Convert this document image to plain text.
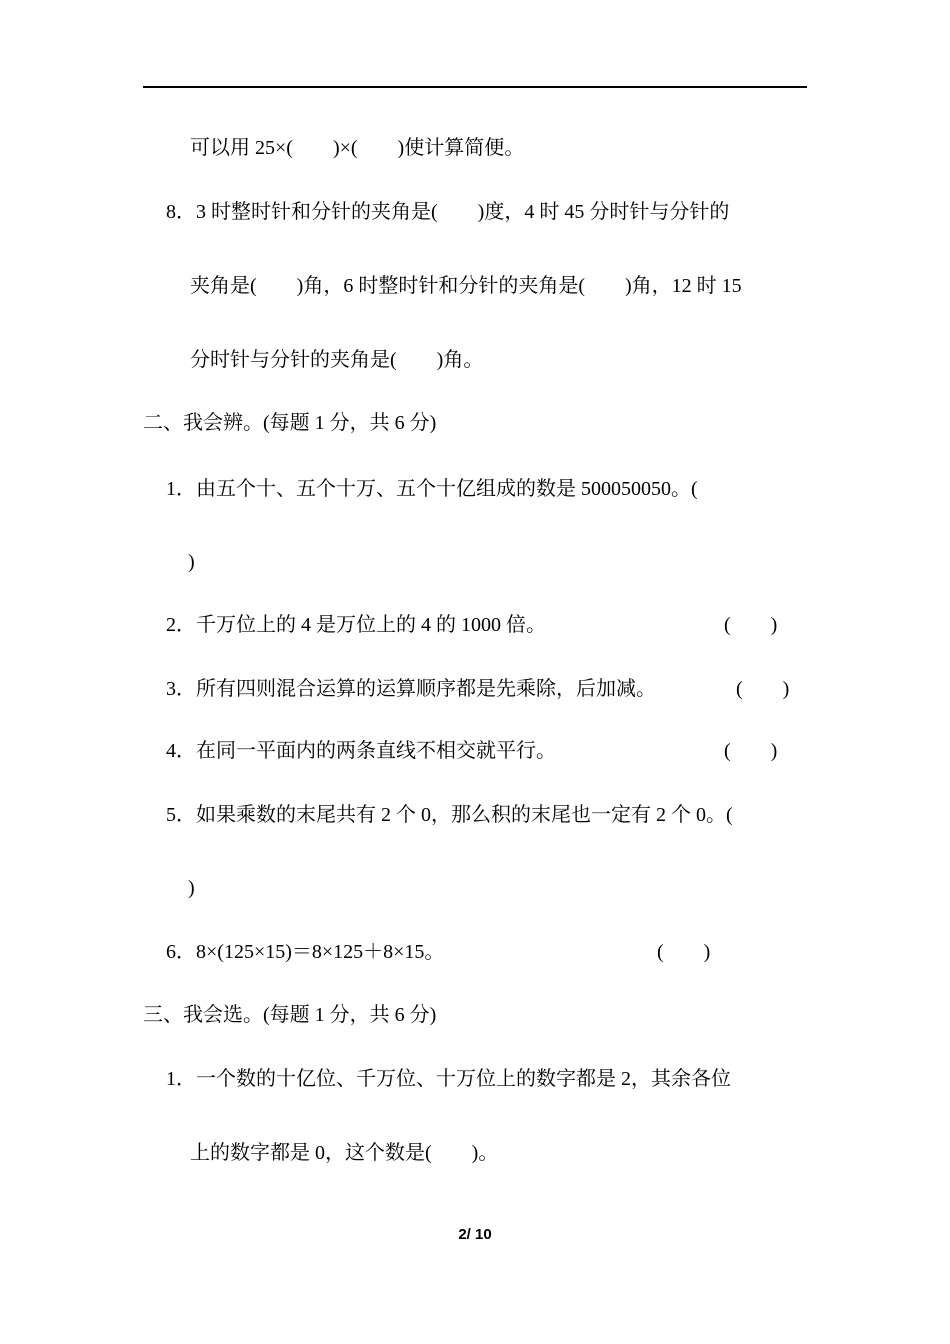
可以用 25×(　　)×(　　)使计算简便。
8．3 时整时针和分针的夹角是(　　)度，4 时 45 分时针与分针的
夹角是(　　)角，6 时整时针和分针的夹角是(　　)角，12 时 15
分时针与分针的夹角是(　　)角。
二、我会辨。(每题 1 分，共 6 分)
1．由五个十、五个十万、五个十亿组成的数是 500050050。(
)
2．千万位上的 4 是万位上的 4 的 1000 倍。	(　　)
3．所有四则混合运算的运算顺序都是先乘除，后加减。	(　　)
4．在同一平面内的两条直线不相交就平行。	(　　)
5．如果乘数的末尾共有 2 个 0，那么积的末尾也一定有 2 个 0。(
)
6．8×(125×15)＝8×125＋8×15。	(　　)
三、我会选。(每题 1 分，共 6 分)
1．一个数的十亿位、千万位、十万位上的数字都是 2，其余各位
上的数字都是 0，这个数是(　　)。
2/ 10
